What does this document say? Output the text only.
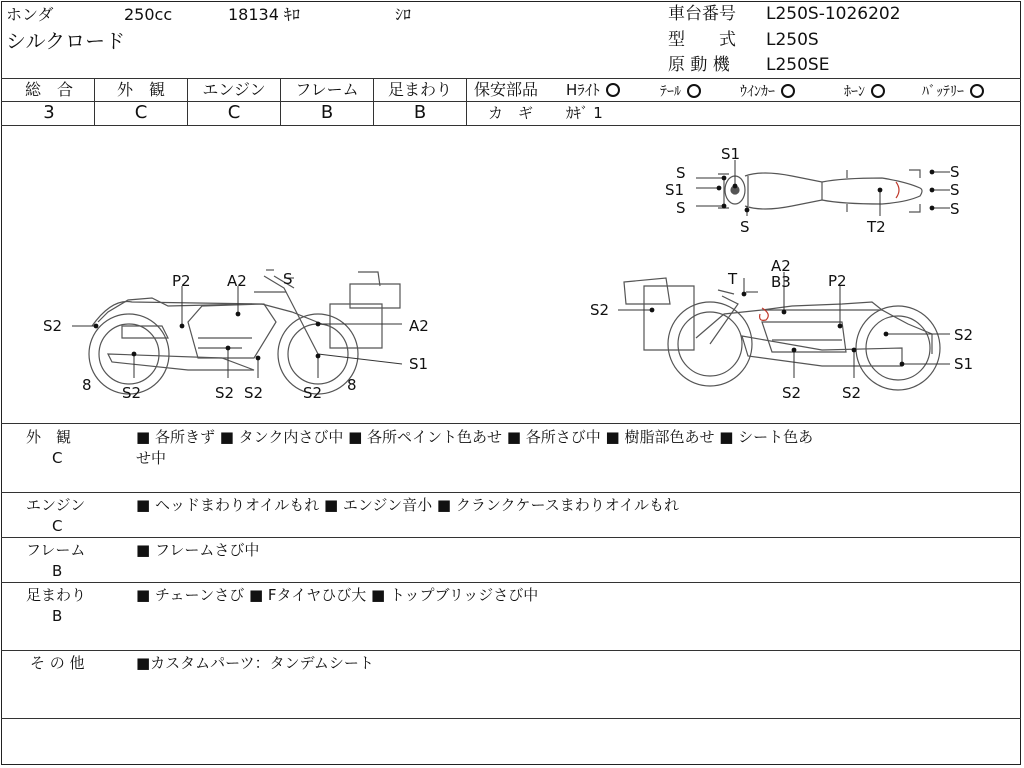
ホンダ	250cc	18134 ｷﾛ	ｼﾛ
シルクロード
車台番号 L250S-1026202
型　　式 L250S
原 動 機 L250SE
総　合	外　観	エンジン	フレーム	足まわり
3	C	C	B	B
保安部品 Hﾗｲﾄ	ﾃｰﾙ	ｳｲﾝｶｰ	ﾎｰﾝ	ﾊﾞｯﾃﾘｰ
カ　ギ ｶｷﾞ 1
S1
S
S1
S
S	T2
S
S
S
P2 A2 S
S2	A2
S1
8 S2	S2 S2	S2 8
A2
T B3 P2
S2
S2
S1
S2	S2
外　観
C
■ 各所きず ■ タンク内さび中 ■ 各所ペイント色あせ ■ 各所さび中 ■ 樹脂部色あせ ■ シート色あ
せ中
エンジン
C
■ ヘッドまわりオイルもれ ■ エンジン音小 ■ クランクケースまわりオイルもれ
フレーム
B
■ フレームさび中
足まわり
B
■ チェーンさび ■ Fタイヤひび大 ■ トップブリッジさび中
そ の 他	■カスタムパーツ：タンデムシート
